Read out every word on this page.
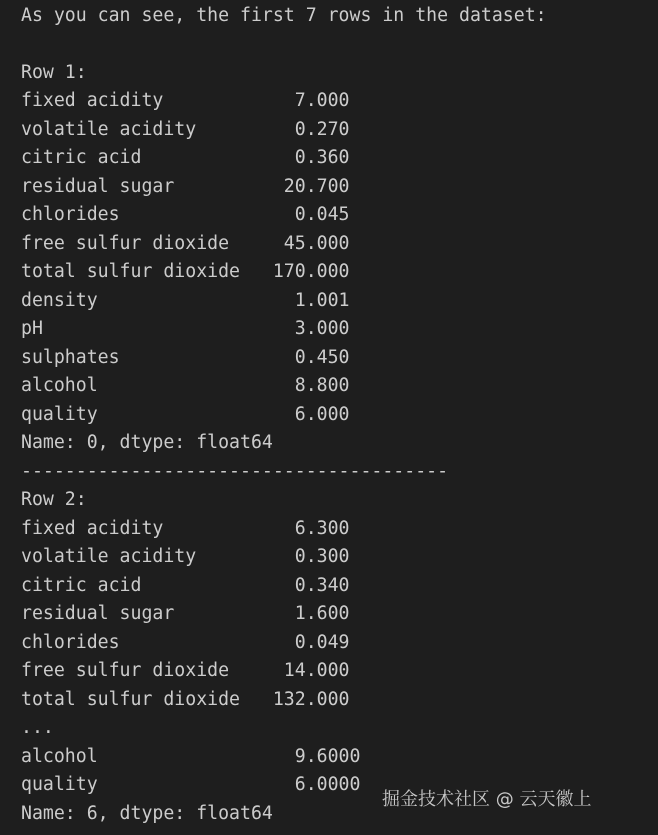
As you can see, the first 7 rows in the dataset:
Row 1:
fixed acidity            7.000
volatile acidity         0.270
citric acid              0.360
residual sugar          20.700
chlorides                0.045
free sulfur dioxide     45.000
total sulfur dioxide   170.000
density                  1.001
pH                       3.000
sulphates                0.450
alcohol                  8.800
quality                  6.000
Name: 0, dtype: float64
---------------------------------------
Row 2:
fixed acidity            6.300
volatile acidity         0.300
citric acid              0.340
residual sugar           1.600
chlorides                0.049
free sulfur dioxide     14.000
total sulfur dioxide   132.000
...
alcohol                  9.6000
quality                  6.0000
Name: 6, dtype: float64
掘金技术社区 @ 云天徽上
